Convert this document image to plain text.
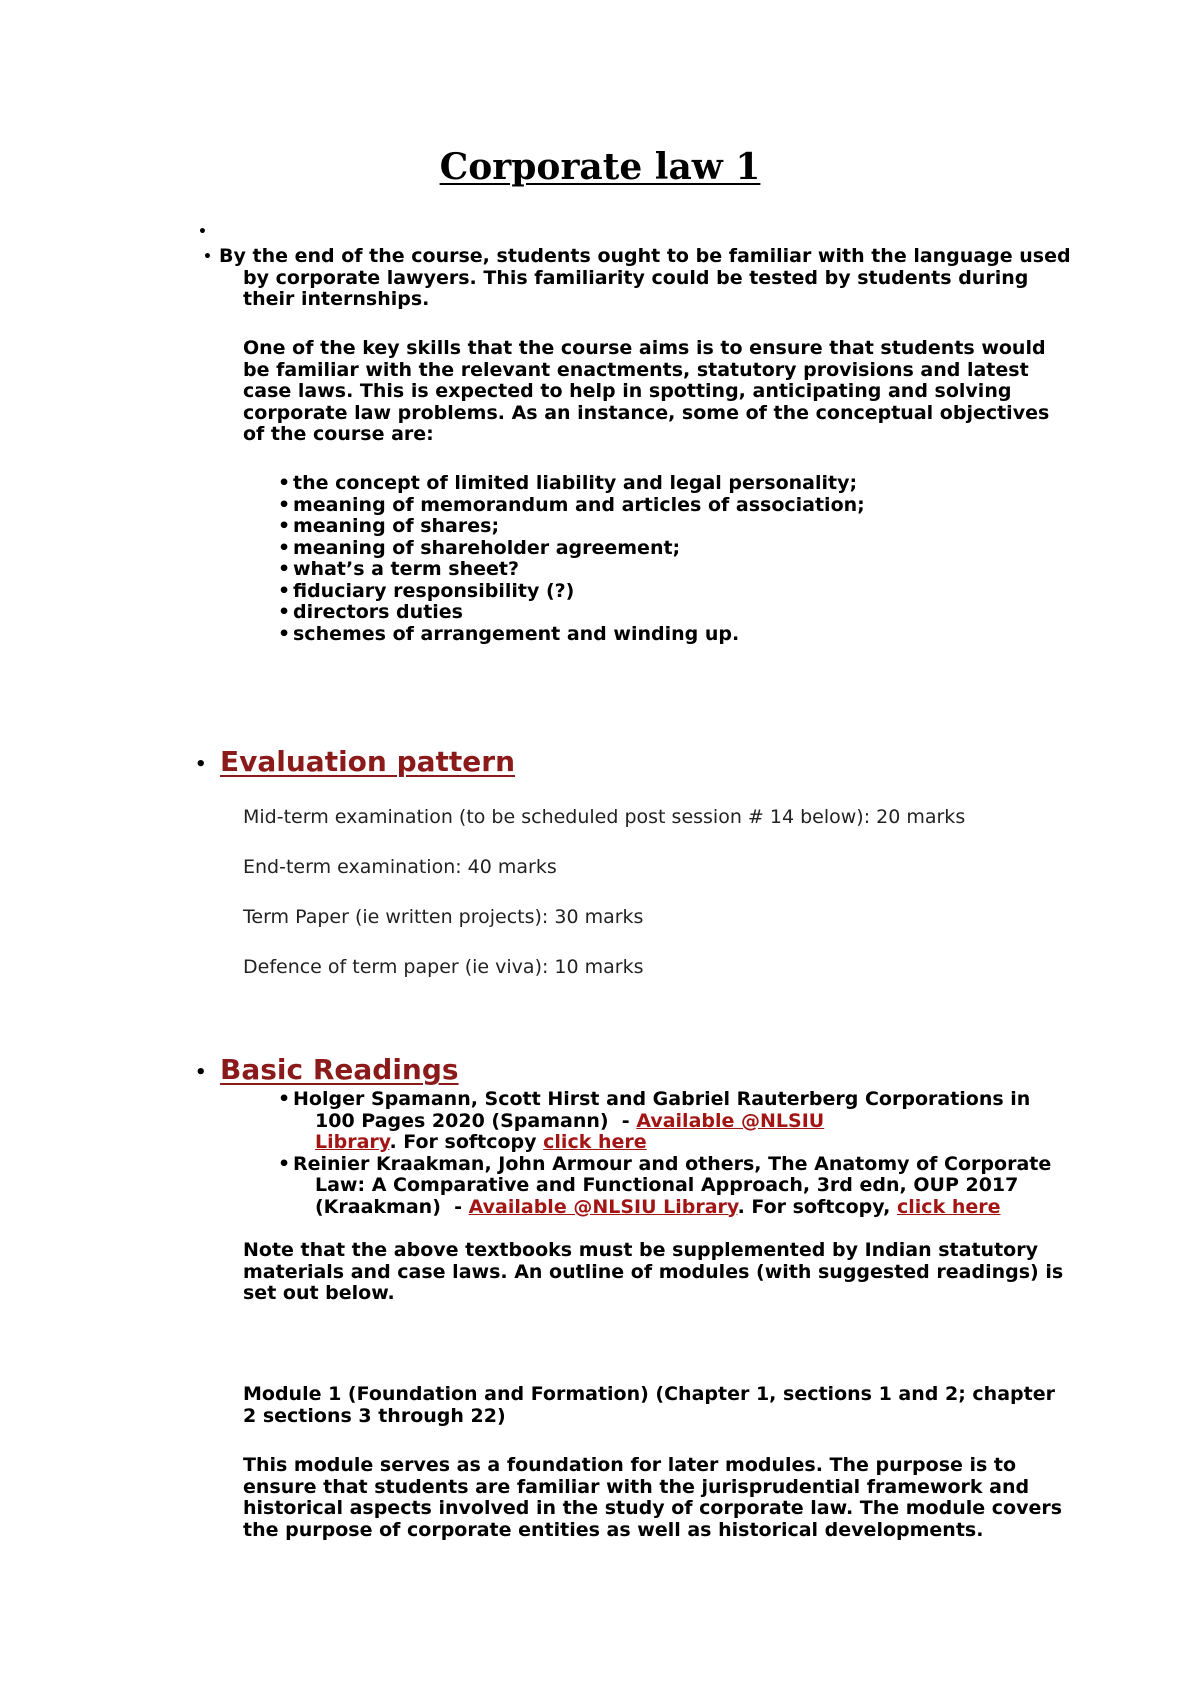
Corporate law 1
•
• By the end of the course, students ought to be familiar with the language used by corporate lawyers. This familiarity could be tested by students during their internships.
One of the key skills that the course aims is to ensure that students would be familiar with the relevant enactments, statutory provisions and latest case laws. This is expected to help in spotting, anticipating and solving corporate law problems. As an instance, some of the conceptual objectives of the course are:
• the concept of limited liability and legal personality;
• meaning of memorandum and articles of association;
• meaning of shares;
• meaning of shareholder agreement;
• what’s a term sheet?
• fiduciary responsibility (?)
• directors duties
• schemes of arrangement and winding up.
• Evaluation pattern

Mid-term examination (to be scheduled post session # 14 below): 20 marks

End-term examination: 40 marks

Term Paper (ie written projects): 30 marks

Defence of term paper (ie viva): 10 marks

• Basic Readings
• Holger Spamann, Scott Hirst and Gabriel Rauterberg Corporations in 100 Pages 2020 (Spamann)  - Available @NLSIU Library. For softcopy click here
• Reinier Kraakman, John Armour and others, The Anatomy of Corporate Law: A Comparative and Functional Approach, 3rd edn, OUP 2017 (Kraakman)  - Available @NLSIU Library. For softcopy, click here
Note that the above textbooks must be supplemented by Indian statutory materials and case laws. An outline of modules (with suggested readings) is set out below.
Module 1 (Foundation and Formation) (Chapter 1, sections 1 and 2; chapter 2 sections 3 through 22)
This module serves as a foundation for later modules. The purpose is to ensure that students are familiar with the jurisprudential framework and historical aspects involved in the study of corporate law. The module covers the purpose of corporate entities as well as historical developments.
